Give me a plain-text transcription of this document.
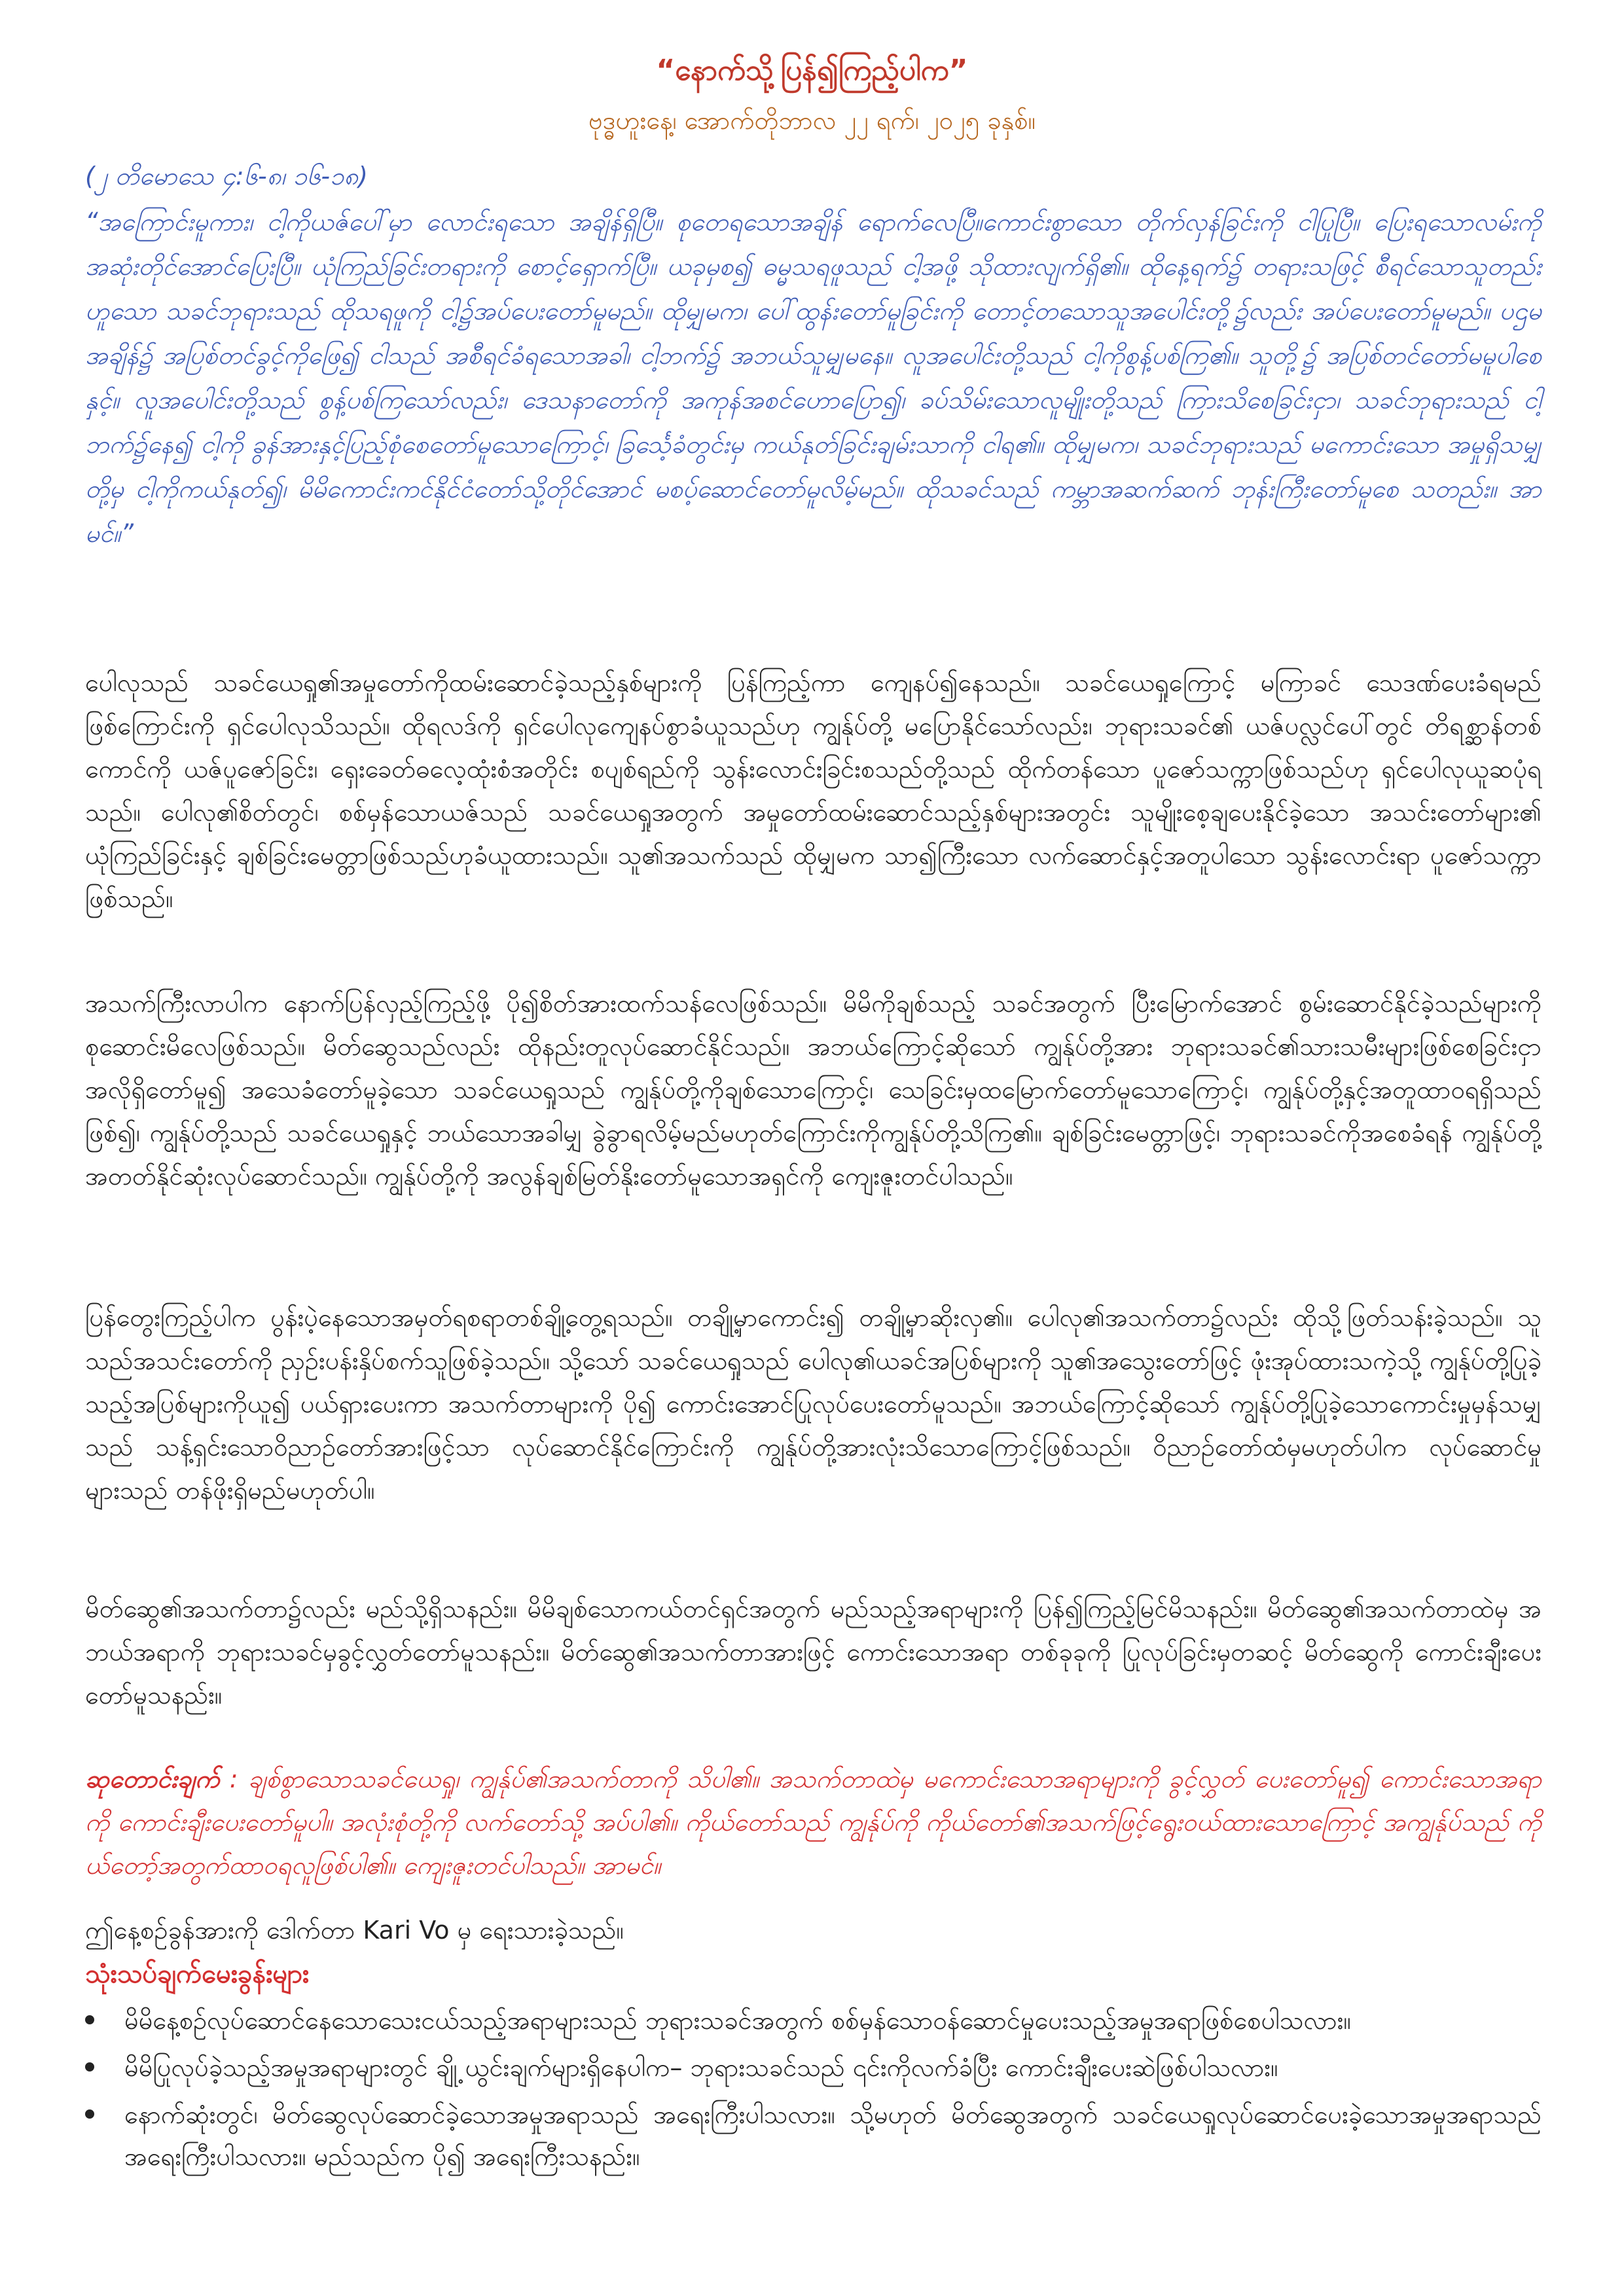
“နောက်သို့ပြန်၍ကြည့်ပါက”
ဗုဒ္ဓဟူးနေ့၊ အောက်တိုဘာလ ၂၂ ရက်၊ ၂၀၂၅ ခုနှစ်။
(၂ တိမောသေ ၄:၆-၈၊ ၁၆-၁၈)
“အကြောင်းမူကား၊ ငါ့ကိုယဇ်ပေါ်မှာ လောင်းရသော အချိန်ရှိပြီ။ စုတေရသောအချိန် ရောက်လေပြီ။ကောင်းစွာသော တိုက်လှန်ခြင်းကို ငါပြုပြီ။ ပြေးရသောလမ်းကို အဆုံးတိုင်အောင်ပြေးပြီ။ ယုံကြည်ခြင်းတရားကို စောင့်ရှောက်ပြီ။ ယခုမှစ၍ ဓမ္မသရဖူသည် ငါ့အဖို့ သိုထားလျက်ရှိ၏။ ထိုနေ့ရက်၌ တရားသဖြင့် စီရင်သောသူတည်းဟူသော သခင်ဘုရားသည် ထိုသရဖူကို ငါ့၌အပ်ပေးတော်မူမည်။ ထိုမျှမက၊ ပေါ်ထွန်းတော်မူခြင်းကို တောင့်တသောသူအပေါင်းတို့၌လည်း အပ်ပေးတော်မူမည်။ ပဌမအချိန်၌ အပြစ်တင်ခွင့်ကိုဖြေ၍ ငါသည် အစီရင်ခံရသောအခါ၊ ငါ့ဘက်၌ အဘယ်သူမျှမနေ။ လူအပေါင်းတို့သည် ငါ့ကိုစွန့်ပစ်ကြ၏။ သူတို့၌ အပြစ်တင်တော်မမူပါစေနှင့်။ လူအပေါင်းတို့သည် စွန့်ပစ်ကြသော်လည်း၊ ဒေသနာတော်ကို အကုန်အစင်ဟောပြော၍၊ ခပ်သိမ်းသောလူမျိုးတို့သည် ကြားသိစေခြင်းငှာ၊ သခင်ဘုရားသည် ငါ့ဘက်၌နေ၍ ငါ့ကို ခွန်အားနှင့်ပြည့်စုံစေတော်မူသောကြောင့်၊ ခြင်္သေ့ခံတွင်းမှ ကယ်နုတ်ခြင်းချမ်းသာကို ငါရ၏။ ထိုမျှမက၊ သခင်ဘုရားသည် မကောင်းသော အမှုရှိသမျှတို့မှ ငါ့ကိုကယ်နုတ်၍၊ မိမိကောင်းကင်နိုင်ငံတော်သို့တိုင်အောင် မစပ့်ဆောင်တော်မူလိမ့်မည်။ ထိုသခင်သည် ကမ္ဘာအဆက်ဆက် ဘုန်းကြီးတော်မူစေ သတည်း။ အာမင်။”
ပေါလုသည် သခင်ယေရှု၏အမှုတော်ကိုထမ်းဆောင်ခဲ့သည့်နှစ်များကို ပြန်ကြည့်ကာ ကျေနပ်၍နေသည်။ သခင်ယေရှုကြောင့် မကြာခင် သေဒဏ်ပေးခံရမည်ဖြစ်ကြောင်းကို ရှင်ပေါလုသိသည်။ ထိုရလဒ်ကို ရှင်ပေါလုကျေနပ်စွာခံယူသည်ဟု ကျွန်ုပ်တို့ မပြောနိုင်သော်လည်း၊ ဘုရားသခင်၏ ယဇ်ပလ္လင်ပေါ်တွင် တိရစ္ဆာန်တစ်ကောင်ကို ယဇ်ပူဇော်ခြင်း၊ ရှေးခေတ်ဓလေ့ထုံးစံအတိုင်း စပျစ်ရည်ကို သွန်းလောင်းခြင်းစသည်တို့သည် ထိုက်တန်သော ပူဇော်သက္ကာဖြစ်သည်ဟု ရှင်ပေါလုယူဆပုံရသည်။ ပေါလု၏စိတ်တွင်၊ စစ်မှန်သောယဇ်သည် သခင်ယေရှုအတွက် အမှုတော်ထမ်းဆောင်သည့်နှစ်များအတွင်း သူမျိုးစေ့ချပေးနိုင်ခဲ့သော အသင်းတော်များ၏ ယုံကြည်ခြင်းနှင့် ချစ်ခြင်းမေတ္တာဖြစ်သည်ဟုခံယူထားသည်။ သူ၏အသက်သည် ထိုမျှမက သာ၍ကြီးသော လက်ဆောင်နှင့်အတူပါသော သွန်းလောင်းရာ ပူဇော်သက္ကာဖြစ်သည်။
အသက်ကြီးလာပါက နောက်ပြန်လှည့်ကြည့်ဖို့ ပို၍စိတ်အားထက်သန်လေဖြစ်သည်။ မိမိကိုချစ်သည့် သခင်အတွက် ပြီးမြောက်အောင် စွမ်းဆောင်နိုင်ခဲ့သည်များကို စုဆောင်းမိလေဖြစ်သည်။ မိတ်ဆွေသည်လည်း ထိုနည်းတူလုပ်ဆောင်နိုင်သည်။ အဘယ်ကြောင့်ဆိုသော် ကျွန်ုပ်တို့အား ဘုရားသခင်၏သားသမီးများဖြစ်စေခြင်းငှာ အလိုရှိတော်မူ၍ အသေခံတော်မူခဲ့သော သခင်ယေရှုသည် ကျွန်ုပ်တို့ကိုချစ်သောကြောင့်၊ သေခြင်းမှထမြောက်တော်မူသောကြောင့်၊ ကျွန်ုပ်တို့နှင့်အတူထာဝရရှိသည်ဖြစ်၍၊ ကျွန်ုပ်တို့သည် သခင်ယေရှုနှင့် ဘယ်သောအခါမျှ ခွဲခွာရလိမ့်မည်မဟုတ်ကြောင်းကိုကျွန်ုပ်တို့သိကြ၏။ ချစ်ခြင်းမေတ္တာဖြင့်၊ ဘုရားသခင်ကိုအစေခံရန် ကျွန်ုပ်တို့အတတ်နိုင်ဆုံးလုပ်ဆောင်သည်။ ကျွန်ုပ်တို့ကို အလွန်ချစ်မြတ်နိုးတော်မူသောအရှင်ကို ကျေးဇူးတင်ပါသည်။
ပြန်တွေးကြည့်ပါက ပွန်းပဲ့နေသောအမှတ်ရစရာတစ်ချို့တွေ့ရသည်။ တချို့မှာကောင်း၍ တချို့မှာဆိုးလှ၏။ ပေါလု၏အသက်တာ၌လည်း ထိုသို့ဖြတ်သန်းခဲ့သည်။ သူသည်အသင်းတော်ကို ညှဉ်းပန်းနှိပ်စက်သူဖြစ်ခဲ့သည်။ သို့သော် သခင်ယေရှုသည် ပေါလု၏ယခင်အပြစ်များကို သူ၏အသွေးတော်ဖြင့် ဖုံးအုပ်ထားသကဲ့သို့ ကျွန်ုပ်တို့ပြုခဲ့သည့်အပြစ်များကိုယူ၍ ပယ်ရှားပေးကာ အသက်တာများကို ပို၍ ကောင်းအောင်ပြုလုပ်ပေးတော်မူသည်။ အဘယ်ကြောင့်ဆိုသော် ကျွန်ုပ်တို့ပြုခဲ့သောကောင်းမှုမှန်သမျှသည် သန့်ရှင်းသောဝိညာဉ်တော်အားဖြင့်သာ လုပ်ဆောင်နိုင်ကြောင်းကို ကျွန်ုပ်တို့အားလုံးသိသောကြောင့်ဖြစ်သည်။ ဝိညာဉ်တော်ထံမှမဟုတ်ပါက လုပ်ဆောင်မှုများသည် တန်ဖိုးရှိမည်မဟုတ်ပါ။
မိတ်ဆွေ၏အသက်တာ၌လည်း မည်သို့ရှိသနည်း။ မိမိချစ်သောကယ်တင်ရှင်အတွက် မည်သည့်အရာများကို ပြန်၍ကြည့်မြင်မိသနည်း။ မိတ်ဆွေ၏အသက်တာထဲမှ အဘယ်အရာကို ဘုရားသခင်မှခွင့်လွှတ်တော်မူသနည်း။ မိတ်ဆွေ၏အသက်တာအားဖြင့် ကောင်းသောအရာ တစ်ခုခုကို ပြုလုပ်ခြင်းမှတဆင့် မိတ်ဆွေကို ကောင်းချီးပေးတော်မူသနည်း။
ဆုတောင်းချက် : ချစ်စွာသောသခင်ယေရှု၊ ကျွန်ုပ်၏အသက်တာကို သိပါ၏။ အသက်တာထဲမှ မကောင်းသောအရာများကို ခွင့်လွှတ် ပေးတော်မူ၍ ကောင်းသောအရာကို ကောင်းချီးပေးတော်မူပါ။ အလုံးစုံတို့ကို လက်တော်သို့ အပ်ပါ၏။ ကိုယ်တော်သည် ကျွန်ုပ်ကို ကိုယ်တော်၏အသက်ဖြင့်ရွေးဝယ်ထားသောကြောင့် အကျွန်ုပ်သည် ကိုယ်တော့်အတွက်ထာဝရလူဖြစ်ပါ၏။ ကျေးဇူးတင်ပါသည်။ အာမင်။
ဤနေ့စဉ်ခွန်အားကို ဒေါက်တာ Kari Vo မှ ရေးသားခဲ့သည်။
သုံးသပ်ချက်မေးခွန်းများ
မိမိနေ့စဉ်လုပ်ဆောင်နေသောသေးငယ်သည့်အရာများသည် ဘုရားသခင်အတွက် စစ်မှန်သောဝန်ဆောင်မှုပေးသည့်အမှုအရာဖြစ်စေပါသလား။
မိမိပြုလုပ်ခဲ့သည့်အမှုအရာများတွင် ချို့ ယွင်းချက်များရှိနေပါက– ဘုရားသခင်သည် ၎င်းကိုလက်ခံပြီး ကောင်းချီးပေးဆဲဖြစ်ပါသလား။
နောက်ဆုံးတွင်၊ မိတ်ဆွေလုပ်ဆောင်ခဲ့သောအမှုအရာသည် အရေးကြီးပါသလား။ သို့မဟုတ် မိတ်ဆွေအတွက် သခင်ယေရှုလုပ်ဆောင်ပေးခဲ့သောအမှုအရာသည် အရေးကြီးပါသလား။ မည်သည်က ပို၍ အရေးကြီးသနည်း။
